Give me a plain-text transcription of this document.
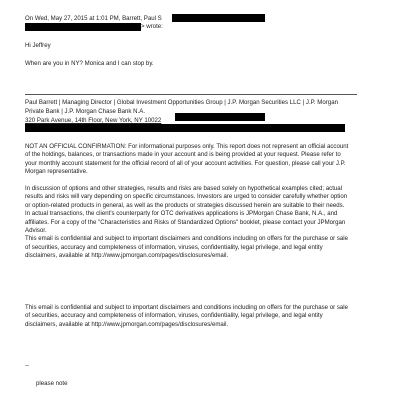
On Wed, May 27, 2015 at 1:01 PM, Barrett, Paul S
> wrote:
Hi Jeffrey
When are you in NY? Monica and I can stop by.
Paul Barrett | Managing Director | Global Investment Opportunities Group | J.P. Morgan Securities LLC | J.P. Morgan
Private Bank | J.P. Morgan Chase Bank N.A.
320 Park Avenue, 14th Floor, New York, NY 10022
NOT AN OFFICIAL CONFIRMATION: For informational purposes only. This report does not represent an official account
of the holdings, balances, or transactions made in your account and is being provided at your request. Please refer to
your monthly account statement for the official record of all of your account activities. For question, please call your J.P.
Morgan representative.
In discussion of options and other strategies, results and risks are based solely on hypothetical examples cited; actual
results and risks will vary depending on specific circumstances. Investors are urged to consider carefully whether option
or option-related products in general, as well as the products or strategies discussed herein are suitable to their needs.
In actual transactions, the client's counterparty for OTC derivatives applications is JPMorgan Chase Bank, N.A., and
affiliates. For a copy of the "Characteristics and Risks of Standardized Options" booklet, please contact your JPMorgan
Advisor.
This email is confidential and subject to important disclaimers and conditions including on offers for the purchase or sale
of securities, accuracy and completeness of information, viruses, confidentiality, legal privilege, and legal entity
disclaimers, available at http://www.jpmorgan.com/pages/disclosures/email.
This email is confidential and subject to important disclaimers and conditions including on offers for the purchase or sale
of securities, accuracy and completeness of information, viruses, confidentiality, legal privilege, and legal entity
disclaimers, available at http://www.jpmorgan.com/pages/disclosures/email.
--
please note
